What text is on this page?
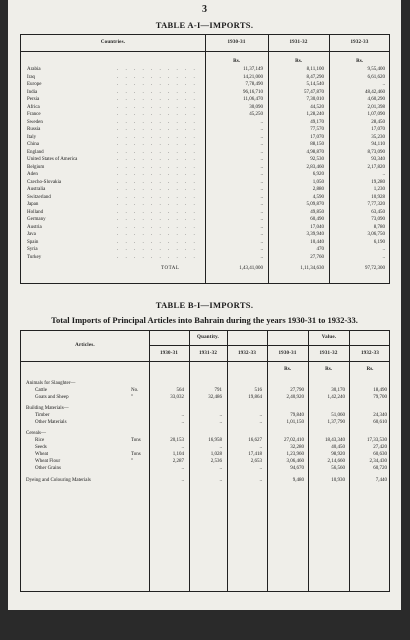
3
TABLE A-I—IMPORTS.
Countries.	1930-31	1931-32	1932-33
Rs.	Rs.	Rs.
Arabia	. . . . . . . . . .	11,37,149	8,11,100	9,55,400
Iraq	. . . . . . . . . .	14,21,000	8,47,290	6,61,620
Europe	. . . . . . . . . .	7,78,490	5,14,540	..
India	. . . . . . . . . .	96,16,710	57,47,870	48,42,460
Persia	. . . . . . . . . .	11,06,470	7,30,010	4,60,290
Africa	. . . . . . . . . .	30,090	44,520	2,01,398
France	. . . . . . . . . .	45,250	1,28,240	1,07,090
Sweden	. . . . . . . . . .	..	49,170	28,450
Russia	. . . . . . . . . .	..	77,570	17,070
Italy	. . . . . . . . . .	..	17,070	35,230
China	. . . . . . . . . .	..	88,150	94,110
England	. . . . . . . . . .	..	4,98,870	8,73,090
United States of America	. . . . . . . . . .	..	92,530	93,340
Belgium	. . . . . . . . . .	..	2,83,460	2,17,820
Aden	. . . . . . . . . .	..	6,920	..
Czecho-Slovakia	. . . . . . . . . .	..	1,050	19,280
Australia	. . . . . . . . . .	..	2,880	1,230
Switzerland	. . . . . . . . . .	..	4,590	10,928
Japan	. . . . . . . . . .	..	5,09,870	7,77,320
Holland	. . . . . . . . . .	..	49,850	63,450
Germany	. . . . . . . . . .	..	60,490	73,090
Austria	. . . . . . . . . .	..	17,040	8,780
Java	. . . . . . . . . .	..	3,39,940	3,06,750
Spain	. . . . . . . . . .	..	10,440	6,190
Syria	. . . . . . . . . .	..	470	..
Turkey	. . . . . . . . . .	..	27,760	..
TOTAL	1,43,41,000	1,11,34,630	97,72,300
TABLE B-I—IMPORTS.
Total Imports of Principal Articles into Bahrain during the years 1930-31 to 1932-33.
Articles.
Quantity.	Value.
1930-31	1931-32	1932-33	1930-31	1931-32	1932-33
Rs.	Rs.	Rs.
Animals for Slaughter—
Cattle	No.	564	791	516	27,790	30,170	18,490
Goats and Sheep	”	33,032	32,486	19,864	2,40,920	1,42,240	79,700
Building Materials—
Timber	..	..	..	79,840	51,060	24,340
Other Materials	..	..	..	1,01,150	1,37,790	60,610
Cereals—
Rice	Tons	20,153	16,958	16,627	27,02,410	18,43,340	17,33,530
Seeds	..	..	..	32,280	40,450	27,420
Wheat	Tons	1,104	1,028	17,418	1,23,960	98,920	60,630
Wheat Flour	”	2,287	2,536	2,653	3,06,460	2,14,660	2,34,430
Other Grains	..	..	..	94,670	56,560	60,720
Dyeing and Colouring Materials	..	..	..	9,480	10,930	7,440
